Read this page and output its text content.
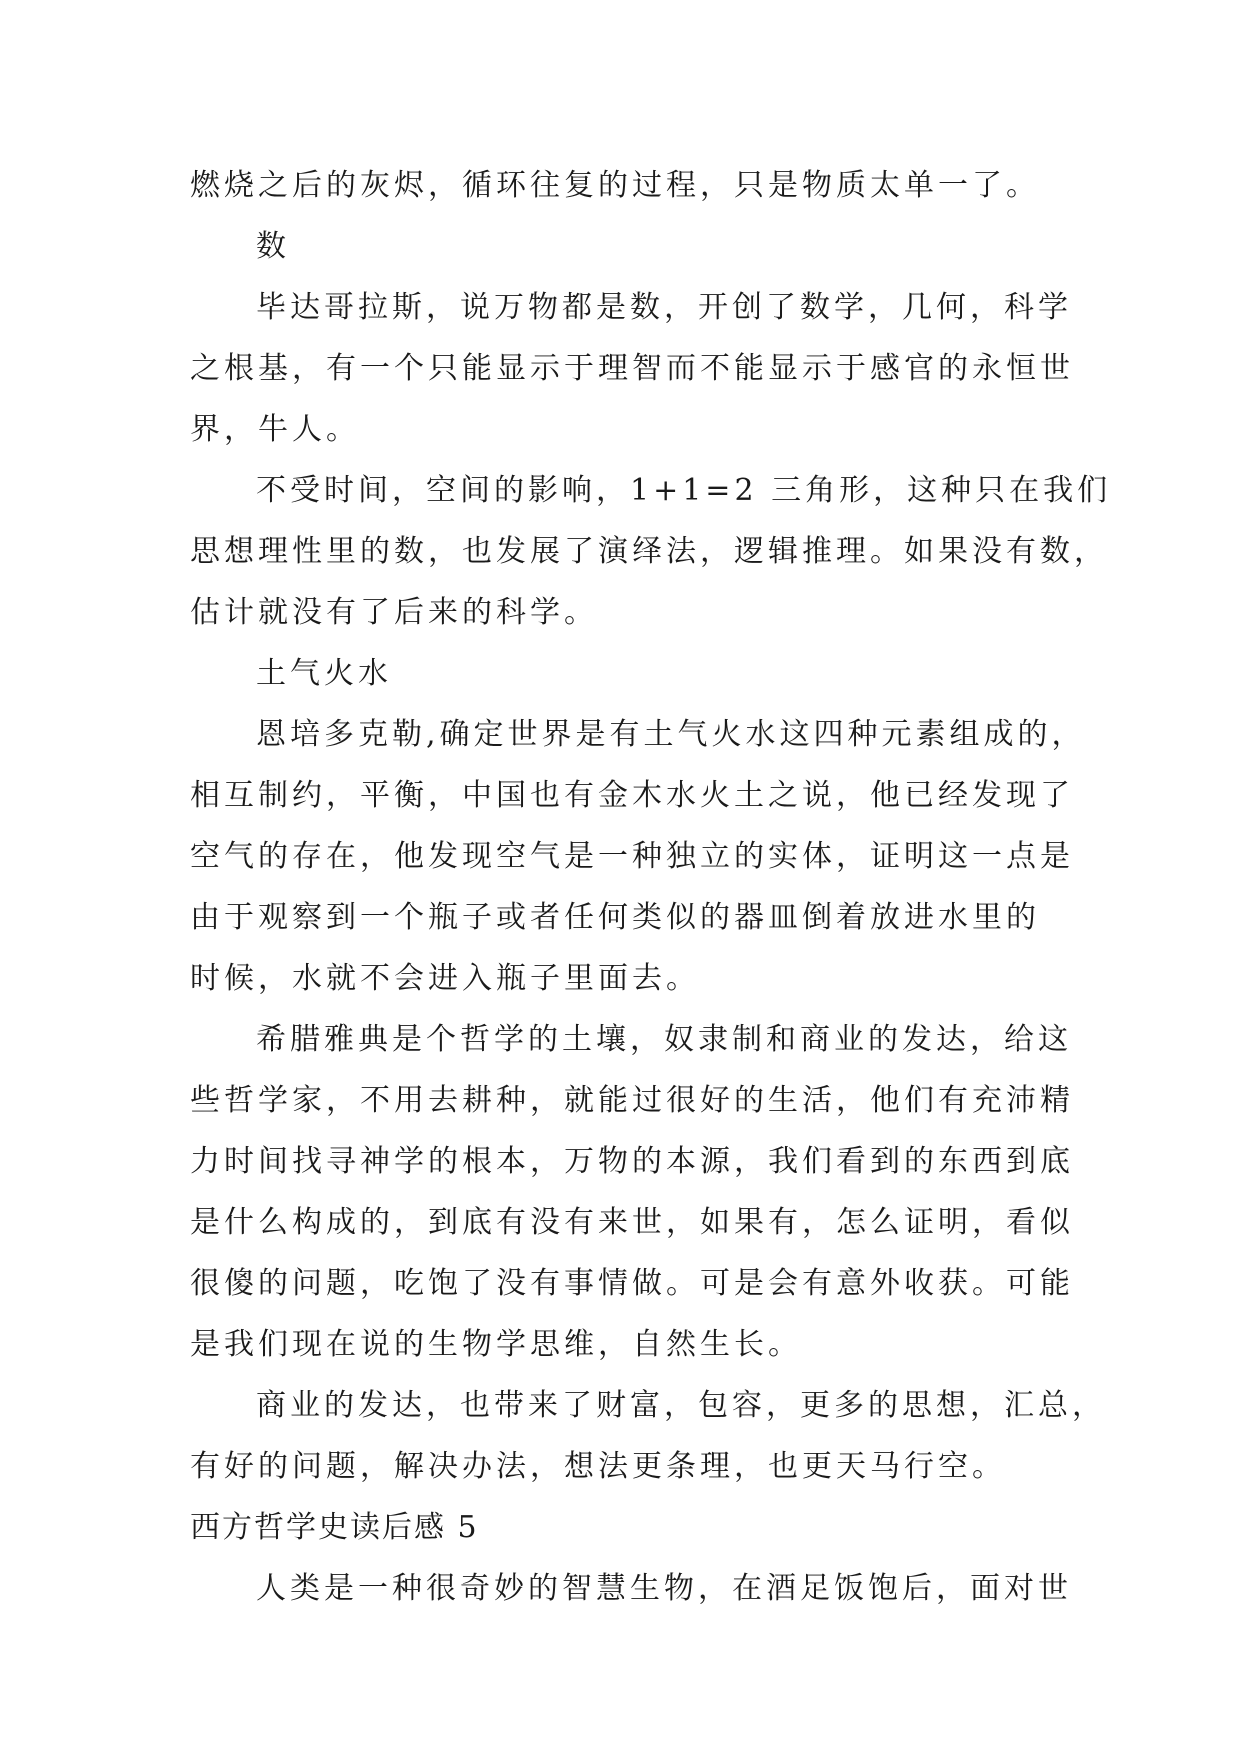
燃烧之后的灰烬，循环往复的过程，只是物质太单一了。
数
毕达哥拉斯，说万物都是数，开创了数学，几何，科学
之根基，有一个只能显示于理智而不能显示于感官的永恒世
界，牛人。
不受时间，空间的影响，1+1=2 三角形，这种只在我们
思想理性里的数，也发展了演绎法，逻辑推理。如果没有数，
估计就没有了后来的科学。
土气火水
恩培多克勒,确定世界是有土气火水这四种元素组成的，
相互制约，平衡，中国也有金木水火土之说，他已经发现了
空气的存在，他发现空气是一种独立的实体，证明这一点是
由于观察到一个瓶子或者任何类似的器皿倒着放进水里的
时候，水就不会进入瓶子里面去。
希腊雅典是个哲学的土壤，奴隶制和商业的发达，给这
些哲学家，不用去耕种，就能过很好的生活，他们有充沛精
力时间找寻神学的根本，万物的本源，我们看到的东西到底
是什么构成的，到底有没有来世，如果有，怎么证明，看似
很傻的问题，吃饱了没有事情做。可是会有意外收获。可能
是我们现在说的生物学思维，自然生长。
商业的发达，也带来了财富，包容，更多的思想，汇总，
有好的问题，解决办法，想法更条理，也更天马行空。
西方哲学史读后感 5
人类是一种很奇妙的智慧生物，在酒足饭饱后，面对世
